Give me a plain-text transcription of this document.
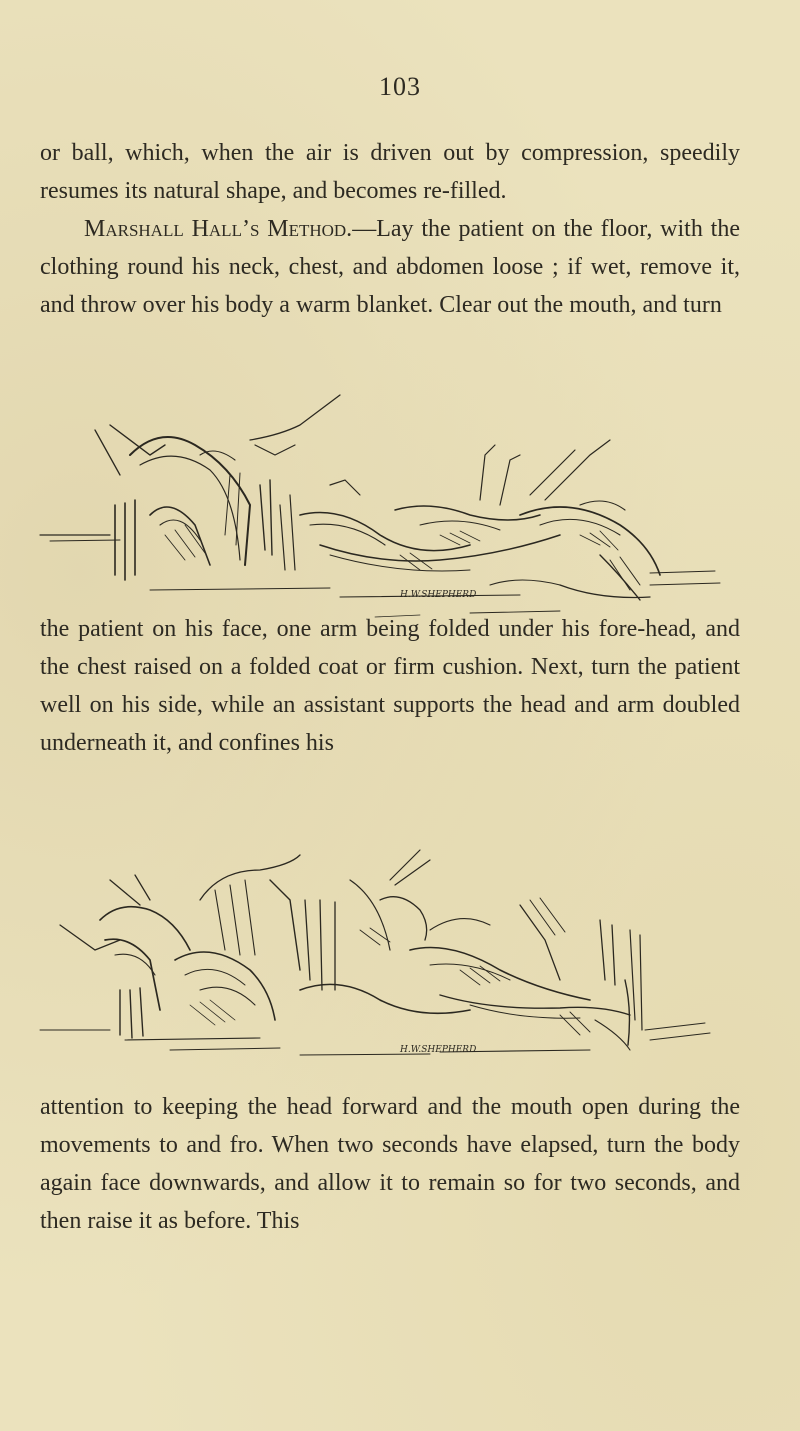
103

or ball, which, when the air is driven out by compression, speedily resumes its natural shape, and becomes re-filled.

Marshall Hall’s Method.—Lay the patient on the floor, with the clothing round his neck, chest, and abdomen loose ; if wet, remove it, and throw over his body a warm blanket. Clear out the mouth, and turn

H.W.SHEPHERD

the patient on his face, one arm being folded under his fore-head, and the chest raised on a folded coat or firm cushion. Next, turn the patient well on his side, while an assistant supports the head and arm doubled underneath it, and confines his

H.W.SHEPHERD

attention to keeping the head forward and the mouth open during the movements to and fro. When two seconds have elapsed, turn the body again face downwards, and allow it to remain so for two seconds, and then raise it as before. This
